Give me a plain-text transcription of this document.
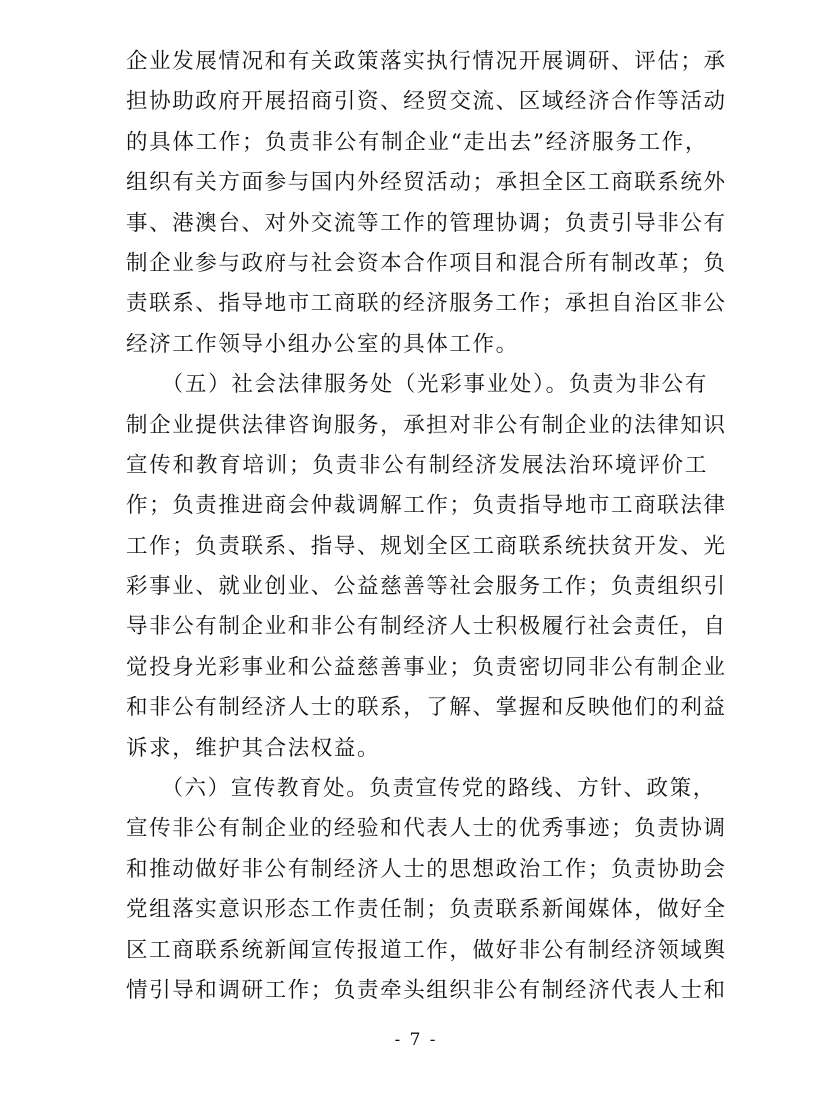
企业发展情况和有关政策落实执行情况开展调研、评估；承
担协助政府开展招商引资、经贸交流、区域经济合作等活动
的具体工作；负责非公有制企业“走出去”经济服务工作，
组织有关方面参与国内外经贸活动；承担全区工商联系统外
事、港澳台、对外交流等工作的管理协调；负责引导非公有
制企业参与政府与社会资本合作项目和混合所有制改革；负
责联系、指导地市工商联的经济服务工作；承担自治区非公
经济工作领导小组办公室的具体工作。
　　（五）社会法律服务处（光彩事业处）。负责为非公有
制企业提供法律咨询服务，承担对非公有制企业的法律知识
宣传和教育培训；负责非公有制经济发展法治环境评价工
作；负责推进商会仲裁调解工作；负责指导地市工商联法律
工作；负责联系、指导、规划全区工商联系统扶贫开发、光
彩事业、就业创业、公益慈善等社会服务工作；负责组织引
导非公有制企业和非公有制经济人士积极履行社会责任，自
觉投身光彩事业和公益慈善事业；负责密切同非公有制企业
和非公有制经济人士的联系，了解、掌握和反映他们的利益
诉求，维护其合法权益。
　　（六）宣传教育处。负责宣传党的路线、方针、政策，
宣传非公有制企业的经验和代表人士的优秀事迹；负责协调
和推动做好非公有制经济人士的思想政治工作；负责协助会
党组落实意识形态工作责任制；负责联系新闻媒体，做好全
区工商联系统新闻宣传报道工作，做好非公有制经济领域舆
情引导和调研工作；负责牵头组织非公有制经济代表人士和
- 7 -
